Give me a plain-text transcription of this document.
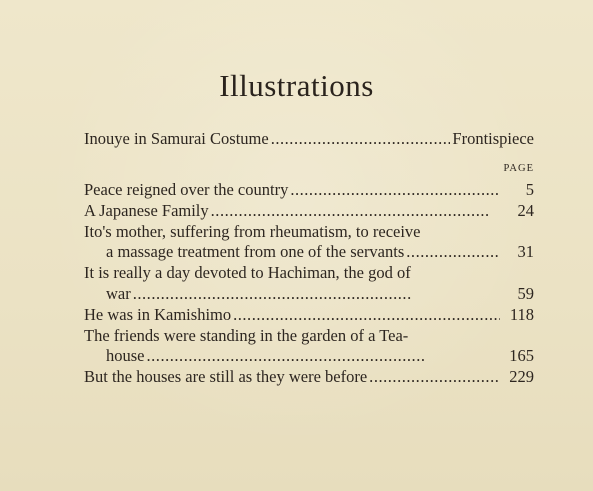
Illustrations
Inouye in Samurai Costume . . .	Frontispiece
PAGE
Peace reigned over the country . . .	5
A Japanese Family . . .	24
Ito's mother, suffering from rheumatism, to receive
a massage treatment from one of the servants . . .	31
It is really a day devoted to Hachiman, the god of
war . . .	59
He was in Kamishimo . . .	118
The friends were standing in the garden of a Tea-
house . . .	165
But the houses are still as they were before . . .	229
